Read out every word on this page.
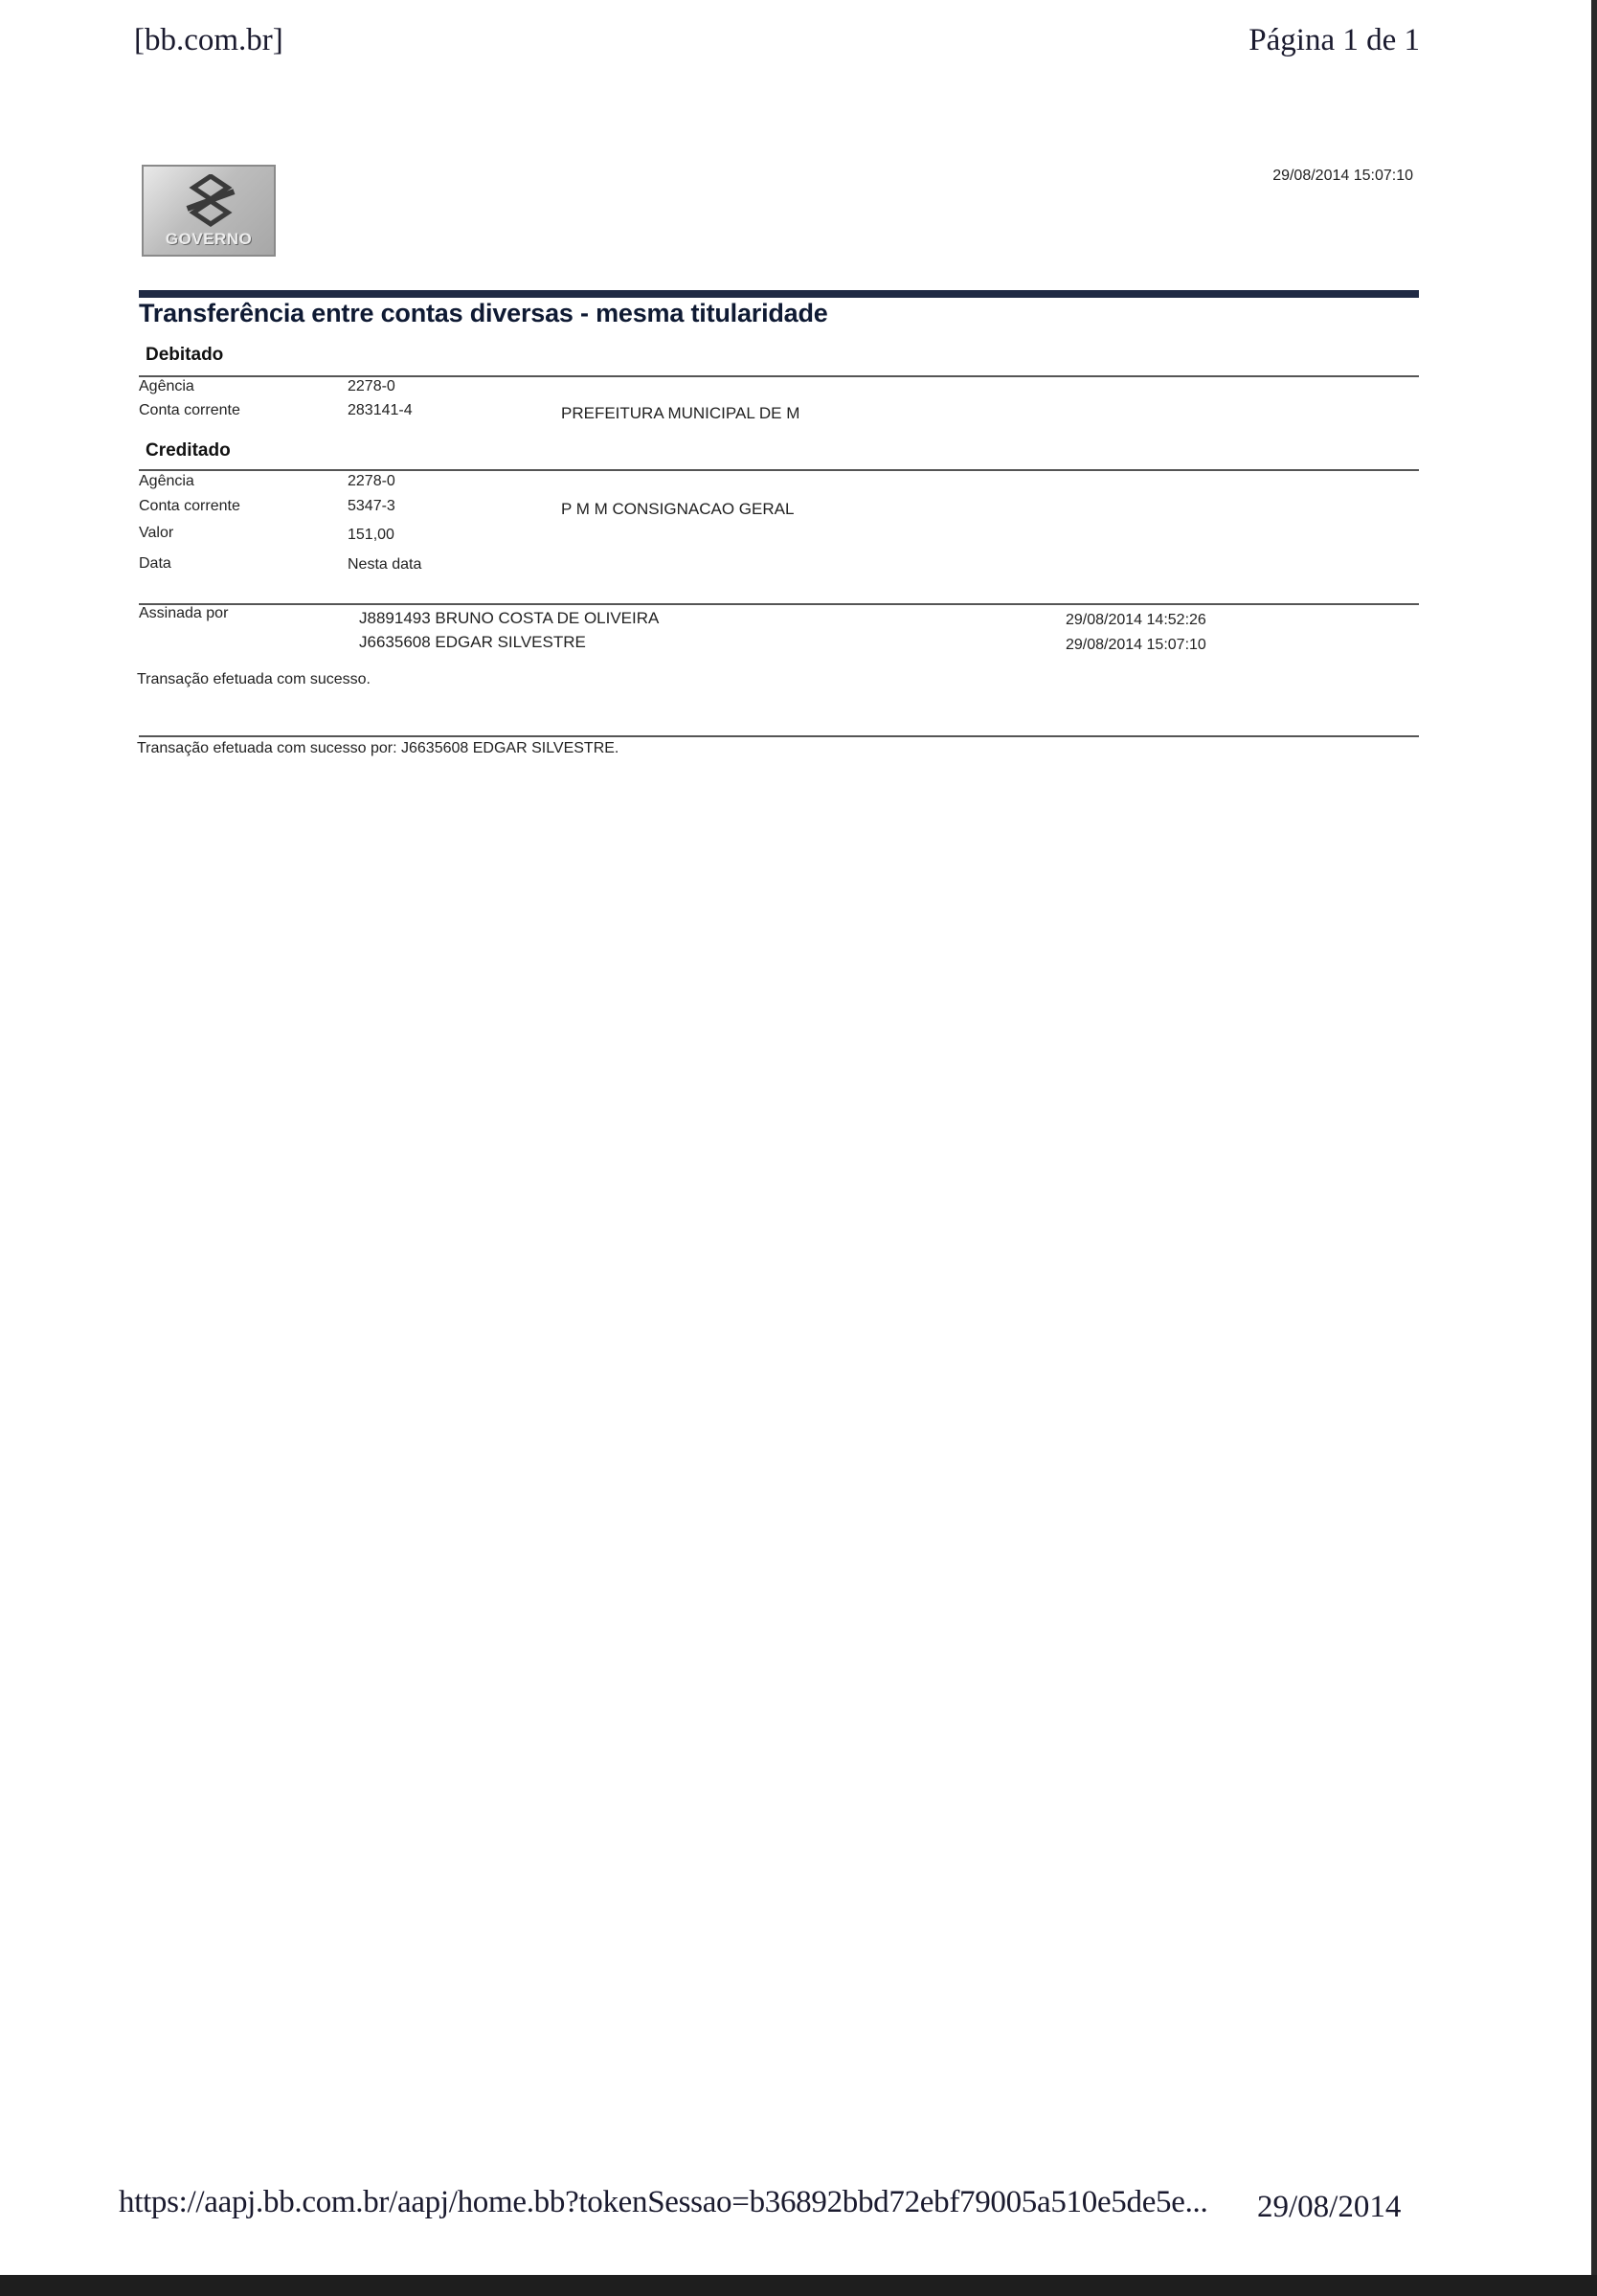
[bb.com.br]	Página 1 de 1
GOVERNO
29/08/2014 15:07:10
Transferência entre contas diversas - mesma titularidade
Debitado
Agência	2278-0
Conta corrente	283141-4	PREFEITURA MUNICIPAL DE M
Creditado
Agência	2278-0
Conta corrente	5347-3	P M M CONSIGNACAO GERAL
Valor	151,00
Data	Nesta data
Assinada por	J8891493 BRUNO COSTA DE OLIVEIRA	29/08/2014 14:52:26
J6635608 EDGAR SILVESTRE	29/08/2014 15:07:10
Transação efetuada com sucesso.
Transação efetuada com sucesso por: J6635608 EDGAR SILVESTRE.
https://aapj.bb.com.br/aapj/home.bb?tokenSessao=b36892bbd72ebf79005a510e5de5e... 29/08/2014
